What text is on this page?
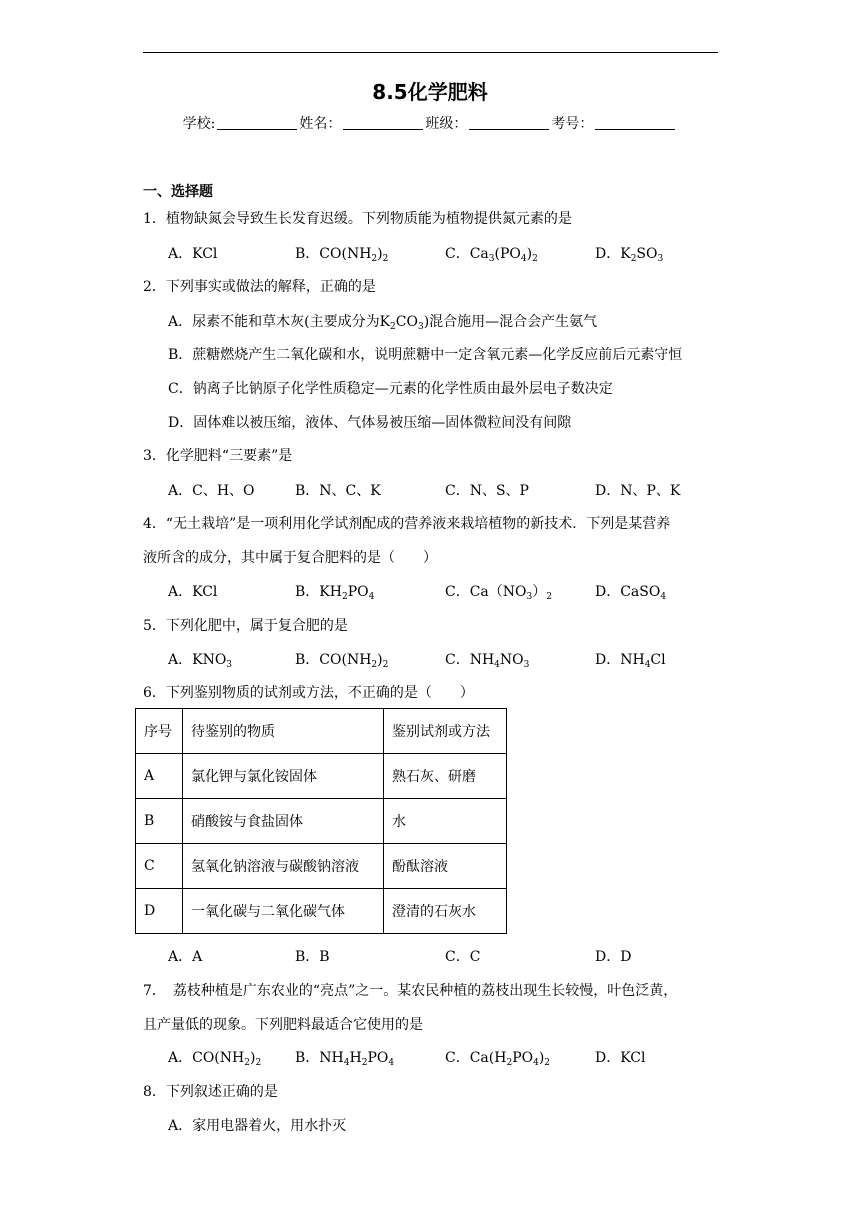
8.5化学肥料
学校:	姓名：	班级：	考号：
一、选择题
1．植物缺氮会导致生长发育迟缓。下列物质能为植物提供氮元素的是
A．KCl	B．$CO(NH_2)_2$	C．$Ca_3(PO_4)_2$	D．$K_2SO_3$
2．下列事实或做法的解释，正确的是
A．尿素不能和草木灰(主要成分为$K_2CO_3$)混合施用—混合会产生氨气
B．蔗糖燃烧产生二氧化碳和水，说明蔗糖中一定含氧元素—化学反应前后元素守恒
C．钠离子比钠原子化学性质稳定—元素的化学性质由最外层电子数决定
D．固体难以被压缩，液体、气体易被压缩—固体微粒间没有间隙
3．化学肥料“三要素”是
A．C、H、O	B．N、C、K	C．N、S、P	D．N、P、K
4．“无土栽培”是一项利用化学试剂配成的营养液来栽培植物的新技术．下列是某营养
液所含的成分，其中属于复合肥料的是（　　）
A．KCl	B．$KH_2PO_4$	C．$Ca(NO_3)_2$	D．CaSO$_4$
5．下列化肥中，属于复合肥的是
A．$KNO_3$	B．$CO(NH_2)_2$	C．$NH_4NO_3$	D．$NH_4Cl$
6．下列鉴别物质的试剂或方法，不正确的是（　　）
序号	待鉴别的物质	鉴别试剂或方法
A	氯化钾与氯化铵固体	熟石灰、研磨
B	硝酸铵与食盐固体	水
C	氢氧化钠溶液与碳酸钠溶液	酚酞溶液
D	一氧化碳与二氧化碳气体	澄清的石灰水
A．A	B．B	C．C	D．D
7．　荔枝种植是广东农业的“亮点”之一。某农民种植的荔枝出现生长较慢，叶色泛黄，
且产量低的现象。下列肥料最适合它使用的是
A．$CO(NH_2)_2$ B．$NH_4H_2PO_4$	C．$Ca(H_2PO_4)_2$	D．KCl
8．下列叙述正确的是
A．家用电器着火，用水扑灭
